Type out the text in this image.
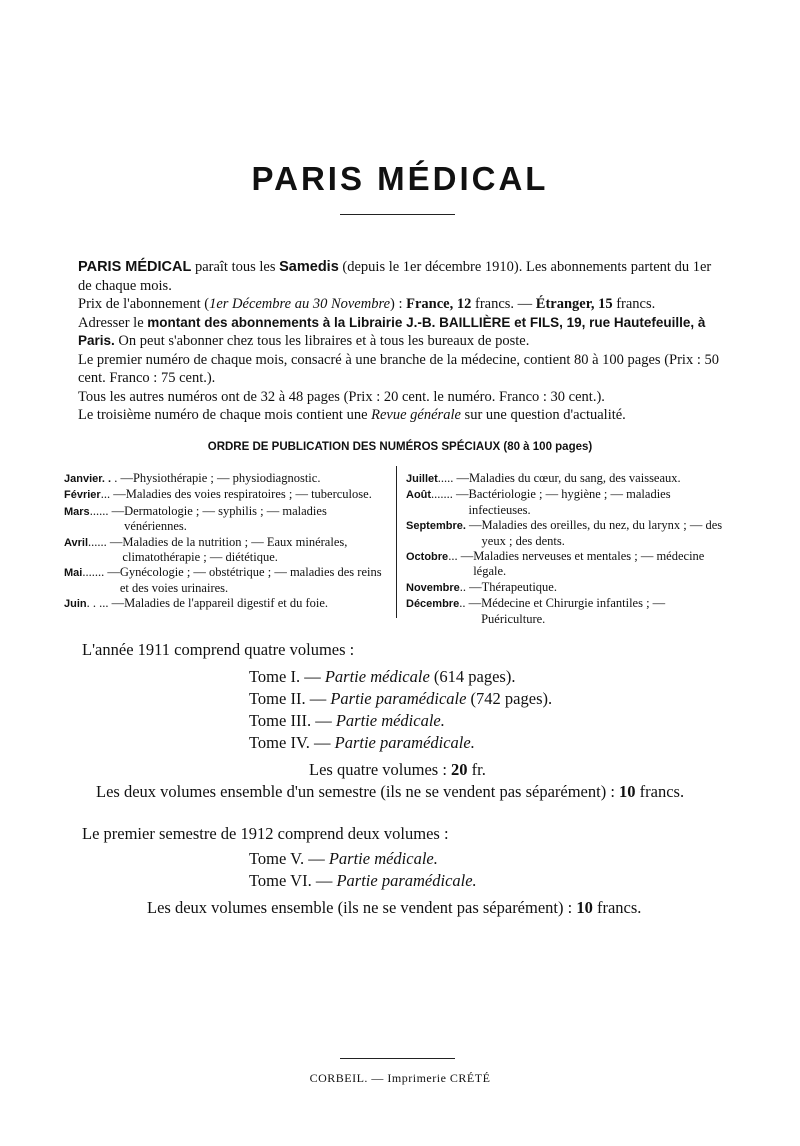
PARIS MÉDICAL

PARIS MÉDICAL paraît tous les Samedis (depuis le 1er décembre 1910). Les abonnements partent du 1er de chaque mois.

Prix de l'abonnement (1er Décembre au 30 Novembre) : France, 12 francs. — Étranger, 15 francs.

Adresser le montant des abonnements à la Librairie J.-B. BAILLIÈRE et FILS, 19, rue Hautefeuille, à Paris. On peut s'abonner chez tous les libraires et à tous les bureaux de poste.

Le premier numéro de chaque mois, consacré à une branche de la médecine, contient 80 à 100 pages (Prix : 50 cent. Franco : 75 cent.).

Tous les autres numéros ont de 32 à 48 pages (Prix : 20 cent. le numéro. Franco : 30 cent.).

Le troisième numéro de chaque mois contient une Revue générale sur une question d'actualité.

ORDRE DE PUBLICATION DES NUMÉROS SPÉCIAUX (80 à 100 pages)
Janvier. . . — Physiothérapie ; — physiodiagnostic.
Février... — Maladies des voies respiratoires ; — tuberculose.
Mars...... — Dermatologie ; — syphilis ; — maladies vénériennes.
Avril...... — Maladies de la nutrition ; — Eaux minérales, climatothérapie ; — diététique.
Mai....... — Gynécologie ; — obstétrique ; — maladies des reins et des voies urinaires.
Juin. . ... — Maladies de l'appareil digestif et du foie.
Juillet..... — Maladies du cœur, du sang, des vaisseaux.
Août....... — Bactériologie ; — hygiène ; — maladies infectieuses.
Septembre. — Maladies des oreilles, du nez, du larynx ; — des yeux ; des dents.
Octobre... — Maladies nerveuses et mentales ; — médecine légale.
Novembre.. — Thérapeutique.
Décembre.. — Médecine et Chirurgie infantiles ; — Puériculture.
L'année 1911 comprend quatre volumes :
Tome I. — Partie médicale (614 pages).
Tome II. — Partie paramédicale (742 pages).
Tome III. — Partie médicale.
Tome IV. — Partie paramédicale.
Les quatre volumes : 20 fr.
Les deux volumes ensemble d'un semestre (ils ne se vendent pas séparément) : 10 francs.
Le premier semestre de 1912 comprend deux volumes :
Tome V. — Partie médicale.
Tome VI. — Partie paramédicale.
Les deux volumes ensemble (ils ne se vendent pas séparément) : 10 francs.
CORBEIL. — Imprimerie CRÉTÉ
